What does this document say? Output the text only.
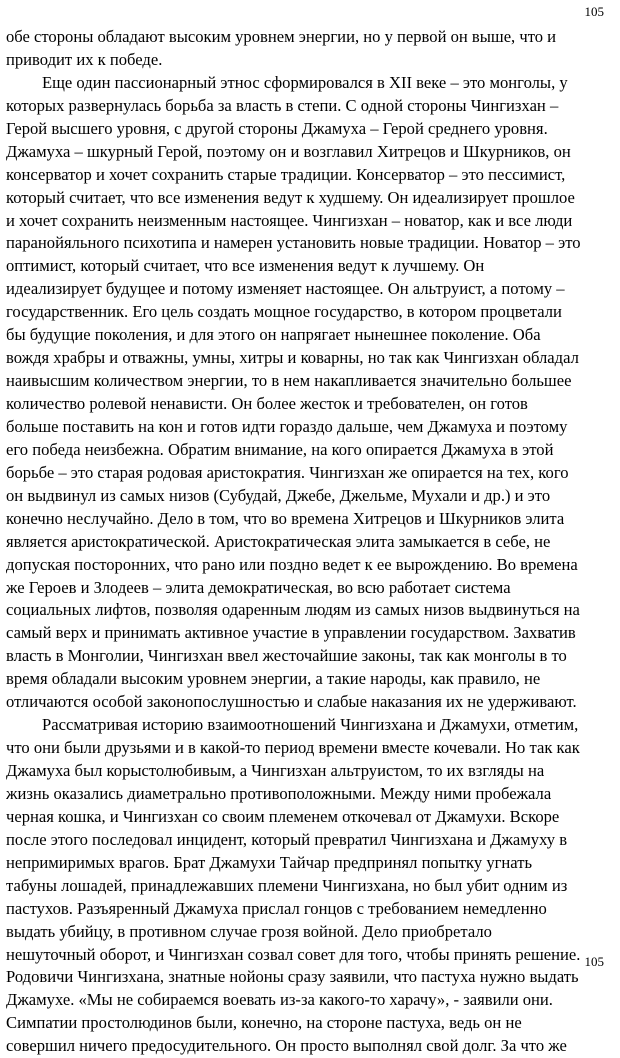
105
обе стороны обладают высоким уровнем энергии, но у первой он выше, что и
приводит их к победе.
Еще один пассионарный этнос сформировался в XII веке – это монголы, у
которых развернулась борьба за власть в степи. С одной стороны Чингизхан –
Герой высшего уровня, с другой стороны Джамуха – Герой среднего уровня.
Джамуха – шкурный Герой, поэтому он и возглавил Хитрецов и Шкурников, он
консерватор и хочет сохранить старые традиции. Консерватор – это пессимист,
который считает, что все изменения ведут к худшему. Он идеализирует прошлое
и хочет сохранить неизменным настоящее. Чингизхан – новатор, как и все люди
паранойяльного психотипа и намерен установить новые традиции. Новатор – это
оптимист, который считает, что все изменения ведут к лучшему. Он
идеализирует будущее и потому изменяет настоящее. Он альтруист, а потому –
государственник. Его цель создать мощное государство, в котором процветали
бы будущие поколения, и для этого он напрягает нынешнее поколение. Оба
вождя храбры и отважны, умны, хитры и коварны, но так как Чингизхан обладал
наивысшим количеством энергии, то в нем накапливается значительно большее
количество ролевой ненависти. Он более жесток и требователен, он готов
больше поставить на кон и готов идти гораздо дальше, чем Джамуха и поэтому
его победа неизбежна. Обратим внимание, на кого опирается Джамуха в этой
борьбе – это старая родовая аристократия. Чингизхан же опирается на тех, кого
он выдвинул из самых низов (Субудай, Джебе, Джельме, Мухали и др.) и это
конечно неслучайно. Дело в том, что во времена Хитрецов и Шкурников элита
является аристократической. Аристократическая элита замыкается в себе, не
допуская посторонних, что рано или поздно ведет к ее вырождению. Во времена
же Героев и Злодеев – элита демократическая, во всю работает система
социальных лифтов, позволяя одаренным людям из самых низов выдвинуться на
самый верх и принимать активное участие в управлении государством. Захватив
власть в Монголии, Чингизхан ввел жесточайшие законы, так как монголы в то
время обладали высоким уровнем энергии, а такие народы, как правило, не
отличаются особой законопослушностью и слабые наказания их не удерживают.
Рассматривая историю взаимоотношений Чингизхана и Джамухи, отметим,
что они были друзьями и в какой-то период времени вместе кочевали. Но так как
Джамуха был корыстолюбивым, а Чингизхан альтруистом, то их взгляды на
жизнь оказались диаметрально противоположными. Между ними пробежала
черная кошка, и Чингизхан со своим племенем откочевал от Джамухи. Вскоре
после этого последовал инцидент, который превратил Чингизхана и Джамуху в
непримиримых врагов. Брат Джамухи Тайчар предпринял попытку угнать
табуны лошадей, принадлежавших племени Чингизхана, но был убит одним из
пастухов. Разъяренный Джамуха прислал гонцов с требованием немедленно
выдать убийцу, в противном случае грозя войной. Дело приобретало
нешуточный оборот, и Чингизхан созвал совет для того, чтобы принять решение.
Родовичи Чингизхана, знатные нойоны сразу заявили, что пастуха нужно выдать
Джамухе. «Мы не собираемся воевать из-за какого-то харачу», - заявили они.
Симпатии простолюдинов были, конечно, на стороне пастуха, ведь он не
совершил ничего предосудительного. Он просто выполнял свой долг. За что же
105
